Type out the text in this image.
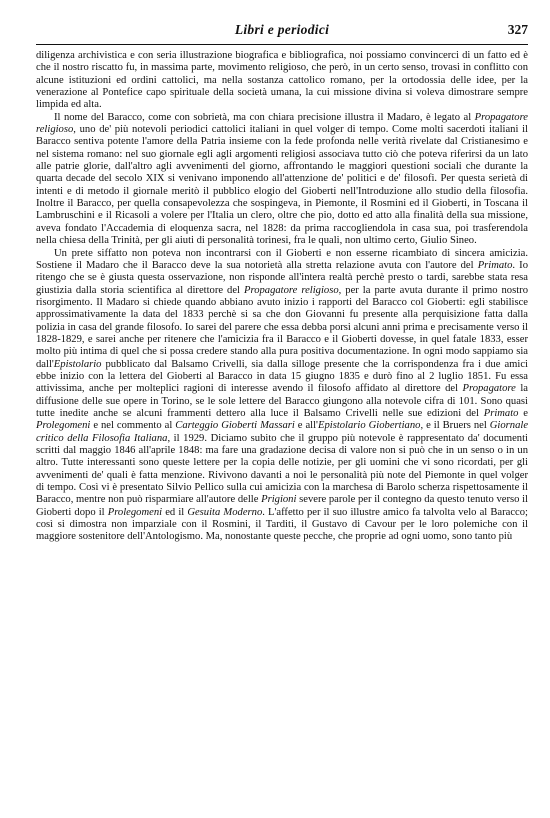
Libri e periodici	327

diligenza archivistica e con seria illustrazione biografica e bibliografica, noi possiamo convincerci di un fatto ed è che il nostro riscatto fu, in massima parte, movimento religioso, che però, in un certo senso, trovasi in conflitto con alcune istituzioni ed ordini cattolici, ma nella sostanza cattolico romano, per la ortodossia delle idee, per la venerazione al Pontefice capo spirituale della società umana, la cui missione divina si voleva dimostrare sempre limpida ed alta.

Il nome del Baracco, come con sobrietà, ma con chiara precisione illustra il Madaro, è legato al Propagatore religioso, uno de' più notevoli periodici cattolici italiani in quel volger di tempo. Come molti sacerdoti italiani il Baracco sentiva potente l'amore della Patria insieme con la fede profonda nelle verità rivelate dal Cristianesimo e nel sistema romano: nel suo giornale egli agli argomenti religiosi associava tutto ciò che poteva riferirsi da un lato alle patrie glorie, dall'altro agli avvenimenti del giorno, affrontando le maggiori questioni sociali che durante la quarta decade del secolo XIX si venivano imponendo all'attenzione de' politici e de' filosofi. Per questa serietà di intenti e di metodo il giornale meritò il pubblico elogio del Gioberti nell'Introduzione allo studio della filosofia. Inoltre il Baracco, per quella consapevolezza che sospingeva, in Piemonte, il Rosmini ed il Gioberti, in Toscana il Lambruschini e il Ricasoli a volere per l'Italia un clero, oltre che pio, dotto ed atto alla finalità della sua missione, aveva fondato l'Accademia di eloquenza sacra, nel 1828: da prima raccogliendola in casa sua, poi trasferendola nella chiesa della Trinità, per gli aiuti di personalità torinesi, fra le quali, non ultimo certo, Giulio Sineo.

Un prete siffatto non poteva non incontrarsi con il Gioberti e non esserne ricambiato di sincera amicizia. Sostiene il Madaro che il Baracco deve la sua notorietà alla stretta relazione avuta con l'autore del Primato. Io ritengo che se è giusta questa osservazione, non risponde all'intera realtà perchè presto o tardi, sarebbe stata resa giustizia dalla storia scientifica al direttore del Propagatore religioso, per la parte avuta durante il primo nostro risorgimento. Il Madaro si chiede quando abbiano avuto inizio i rapporti del Baracco col Gioberti: egli stabilisce approssimativamente la data del 1833 perchè si sa che don Giovanni fu presente alla perquisizione fatta dalla polizia in casa del grande filosofo. Io sarei del parere che essa debba porsi alcuni anni prima e precisamente verso il 1828-1829, e sarei anche per ritenere che l'amicizia fra il Baracco e il Gioberti dovesse, in quel fatale 1833, esser molto più intima di quel che si possa credere stando alla pura positiva documentazione. In ogni modo sappiamo sia dall'Epistolario pubblicato dal Balsamo Crivelli, sia dalla silloge presente che la corrispondenza fra i due amici ebbe inizio con la lettera del Gioberti al Baracco in data 15 giugno 1835 e durò fino al 2 luglio 1851. Fu essa attivissima, anche per molteplici ragioni di interesse avendo il filosofo affidato al direttore del Propagatore la diffusione delle sue opere in Torino, se le sole lettere del Baracco giungono alla notevole cifra di 101. Sono quasi tutte inedite anche se alcuni frammenti dettero alla luce il Balsamo Crivelli nelle sue edizioni del Primato e Prolegomeni e nel commento al Carteggio Gioberti Massari e all'Epistolario Giobertiano, e il Bruers nel Giornale critico della Filosofia Italiana, il 1929. Diciamo subito che il gruppo più notevole è rappresentato da' documenti scritti dal maggio 1846 all'aprile 1848: ma fare una gradazione decisa di valore non si può che in un senso o in un altro. Tutte interessanti sono queste lettere per la copia delle notizie, per gli uomini che vi sono ricordati, per gli avvenimenti de' quali è fatta menzione. Rivivono davanti a noi le personalità più note del Piemonte in quel volger di tempo. Così vi è presentato Silvio Pellico sulla cui amicizia con la marchesa di Barolo scherza rispettosamente il Baracco, mentre non può risparmiare all'autore delle Prigioni severe parole per il contegno da questo tenuto verso il Gioberti dopo il Prolegomeni ed il Gesuita Moderno. L'affetto per il suo illustre amico fa talvolta velo al Baracco; così si dimostra non imparziale con il Rosmini, il Tarditi, il Gustavo di Cavour per le loro polemiche con il maggiore sostenitore dell'Antologismo. Ma, nonostante queste pecche, che proprie ad ogni uomo, sono tanto più
